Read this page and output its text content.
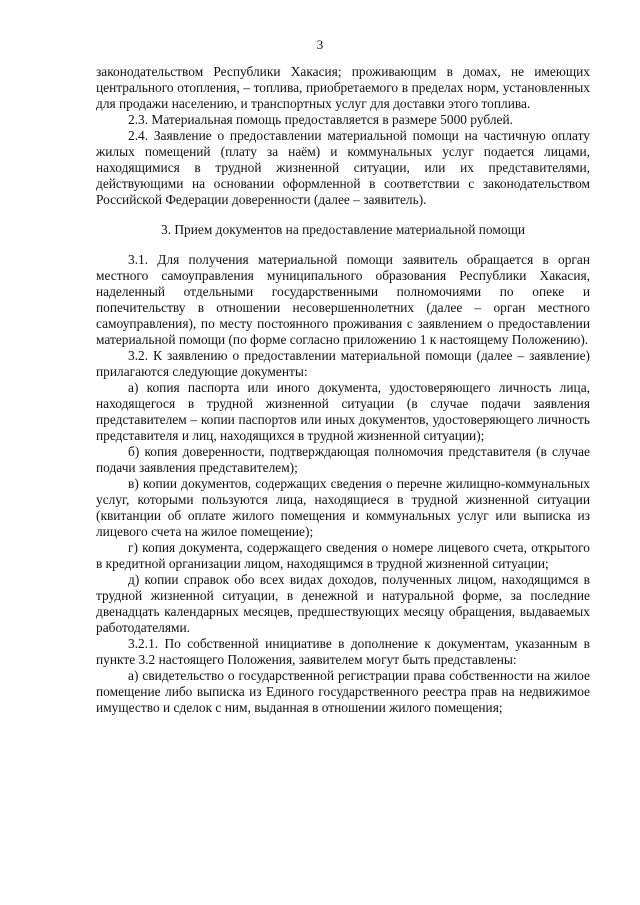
3

законодательством Республики Хакасия; проживающим в домах, не имеющих центрального отопления, – топлива, приобретаемого в пределах норм, установленных для продажи населению, и транспортных услуг для доставки этого топлива.

2.3. Материальная помощь предоставляется в размере 5000 рублей.

2.4. Заявление о предоставлении материальной помощи на частичную оплату жилых помещений (плату за наём) и коммунальных услуг подается лицами, находящимися в трудной жизненной ситуации, или их представителями, действующими на основании оформленной в соответствии с законодательством Российской Федерации доверенности (далее – заявитель).

3. Прием документов на предоставление материальной помощи

3.1. Для получения материальной помощи заявитель обращается в орган местного самоуправления муниципального образования Республики Хакасия, наделенный отдельными государственными полномочиями по опеке и попечительству в отношении несовершеннолетних (далее – орган местного самоуправления), по месту постоянного проживания с заявлением о предоставлении материальной помощи (по форме согласно приложению 1 к настоящему Положению).

3.2. К заявлению о предоставлении материальной помощи (далее – заявление) прилагаются следующие документы:

а) копия паспорта или иного документа, удостоверяющего личность лица, находящегося в трудной жизненной ситуации (в случае подачи заявления представителем – копии паспортов или иных документов, удостоверяющего личность представителя и лиц, находящихся в трудной жизненной ситуации);

б) копия доверенности, подтверждающая полномочия представителя (в случае подачи заявления представителем);

в) копии документов, содержащих сведения о перечне жилищно-коммунальных услуг, которыми пользуются лица, находящиеся в трудной жизненной ситуации (квитанции об оплате жилого помещения и коммунальных услуг или выписка из лицевого счета на жилое помещение);

г) копия документа, содержащего сведения о номере лицевого счета, открытого в кредитной организации лицом, находящимся в трудной жизненной ситуации;

д) копии справок обо всех видах доходов, полученных лицом, находящимся в трудной жизненной ситуации, в денежной и натуральной форме, за последние двенадцать календарных месяцев, предшествующих месяцу обращения, выдаваемых работодателями.

3.2.1. По собственной инициативе в дополнение к документам, указанным в пункте 3.2 настоящего Положения, заявителем могут быть представлены:

а) свидетельство о государственной регистрации права собственности на жилое помещение либо выписка из Единого государственного реестра прав на недвижимое имущество и сделок с ним, выданная в отношении жилого помещения;
